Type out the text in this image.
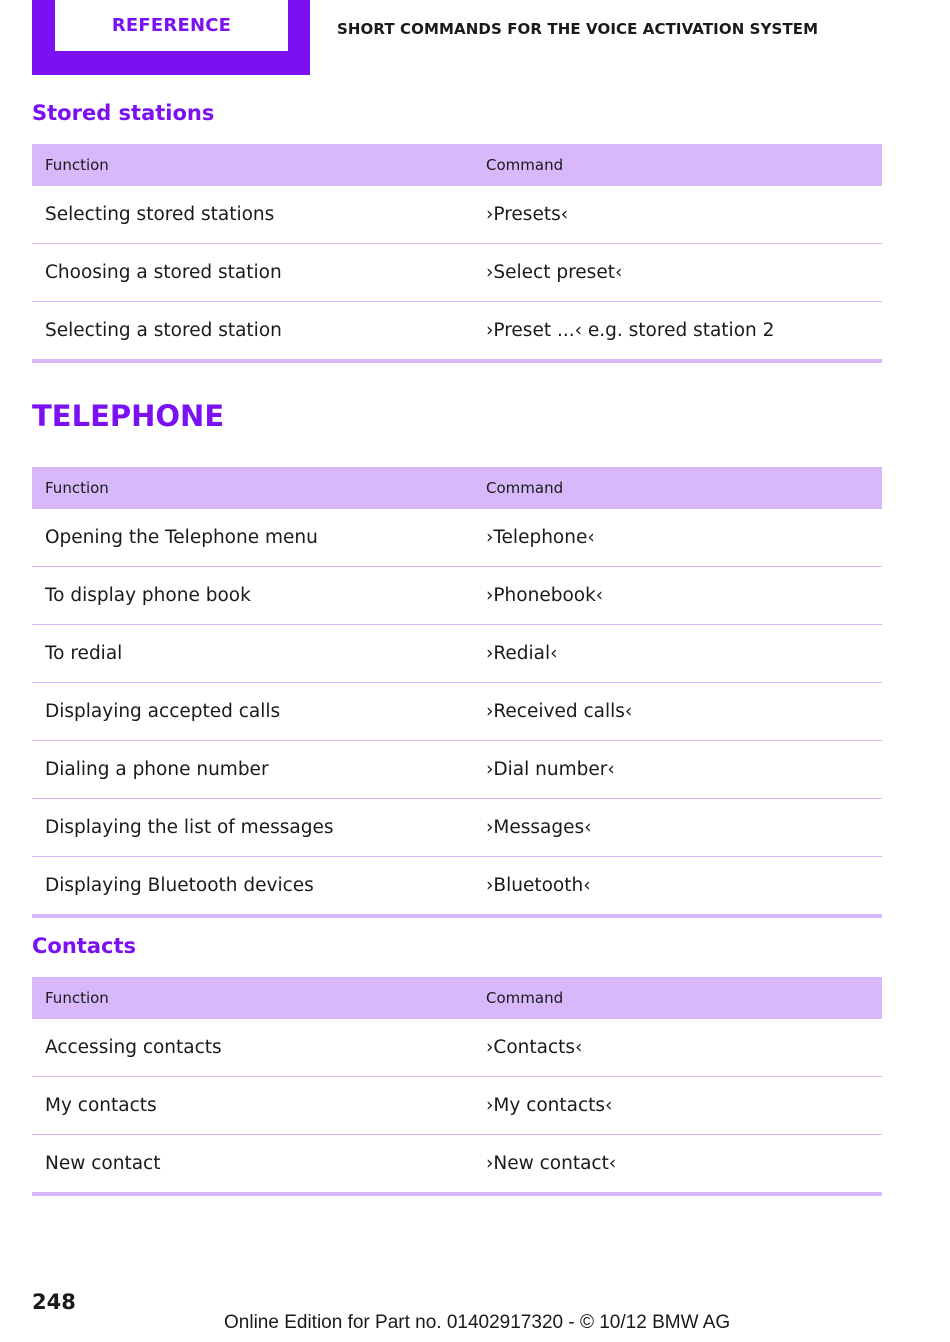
REFERENCE	SHORT COMMANDS FOR THE VOICE ACTIVATION SYSTEM
Stored stations
Function	Command
Selecting stored stations	›Presets‹
Choosing a stored station	›Select preset‹
Selecting a stored station	›Preset ...‹ e.g. stored station 2
TELEPHONE
Function	Command
Opening the Telephone menu	›Telephone‹
To display phone book	›Phonebook‹
To redial	›Redial‹
Displaying accepted calls	›Received calls‹
Dialing a phone number	›Dial number‹
Displaying the list of messages	›Messages‹
Displaying Bluetooth devices	›Bluetooth‹
Contacts
Function	Command
Accessing contacts	›Contacts‹
My contacts	›My contacts‹
New contact	›New contact‹
248
Online Edition for Part no. 01402917320 - © 10/12 BMW AG
